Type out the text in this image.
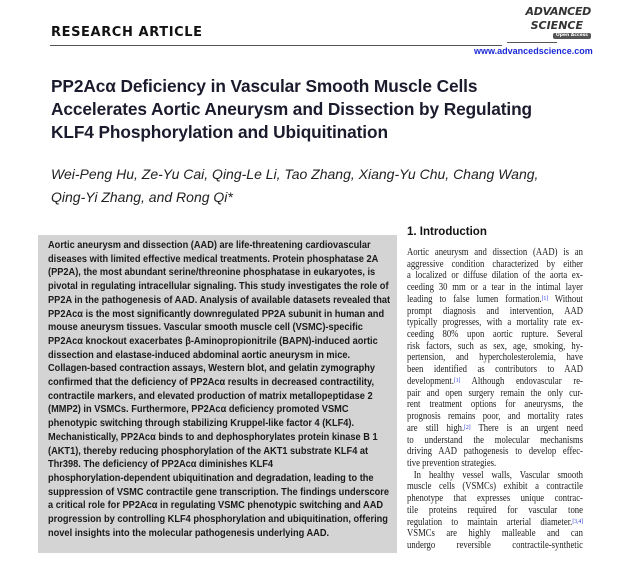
RESEARCH ARTICLE
ADVANCED
SCIENCE
Open Access
www.advancedscience.com
PP2Acα Deficiency in Vascular Smooth Muscle Cells
Accelerates Aortic Aneurysm and Dissection by Regulating
KLF4 Phosphorylation and Ubiquitination
Wei-Peng Hu, Ze-Yu Cai, Qing-Le Li, Tao Zhang, Xiang-Yu Chu, Chang Wang,
Qing-Yi Zhang, and Rong Qi*
Aortic aneurysm and dissection (AAD) are life-threatening cardiovascular
diseases with limited effective medical treatments. Protein phosphatase 2A
(PP2A), the most abundant serine/threonine phosphatase in eukaryotes, is
pivotal in regulating intracellular signaling. This study investigates the role of
PP2A in the pathogenesis of AAD. Analysis of available datasets revealed that
PP2Acα is the most significantly downregulated PP2A subunit in human and
mouse aneurysm tissues. Vascular smooth muscle cell (VSMC)-specific
PP2Acα knockout exacerbates β-Aminopropionitrile (BAPN)-induced aortic
dissection and elastase-induced abdominal aortic aneurysm in mice.
Collagen-based contraction assays, Western blot, and gelatin zymography
confirmed that the deficiency of PP2Acα results in decreased contractility,
contractile markers, and elevated production of matrix metallopeptidase 2
(MMP2) in VSMCs. Furthermore, PP2Acα deficiency promoted VSMC
phenotypic switching through stabilizing Kruppel-like factor 4 (KLF4).
Mechanistically, PP2Acα binds to and dephosphorylates protein kinase B 1
(AKT1), thereby reducing phosphorylation of the AKT1 substrate KLF4 at
Thr398. The deficiency of PP2Acα diminishes KLF4
phosphorylation-dependent ubiquitination and degradation, leading to the
suppression of VSMC contractile gene transcription. The findings underscore
a critical role for PP2Acα in regulating VSMC phenotypic switching and AAD
progression by controlling KLF4 phosphorylation and ubiquitination, offering
novel insights into the molecular pathogenesis underlying AAD.
1. Introduction
Aortic aneurysm and dissection (AAD) is an
aggressive condition characterized by either
a localized or diffuse dilation of the aorta ex-
ceeding 30 mm or a tear in the intimal layer
leading to false lumen formation.[1] Without
prompt diagnosis and intervention, AAD
typically progresses, with a mortality rate ex-
ceeding 80% upon aortic rupture. Several
risk factors, such as sex, age, smoking, hy-
pertension, and hypercholesterolemia, have
been identified as contributors to AAD
development.[1] Although endovascular re-
pair and open surgery remain the only cur-
rent treatment options for aneurysms, the
prognosis remains poor, and mortality rates
are still high.[2] There is an urgent need
to understand the molecular mechanisms
driving AAD pathogenesis to develop effec-
tive prevention strategies.
In healthy vessel walls, Vascular smooth
muscle cells (VSMCs) exhibit a contractile
phenotype that expresses unique contrac-
tile proteins required for vascular tone
regulation to maintain arterial diameter.[3,4]
VSMCs are highly malleable and can
undergo reversible contractile-synthetic
